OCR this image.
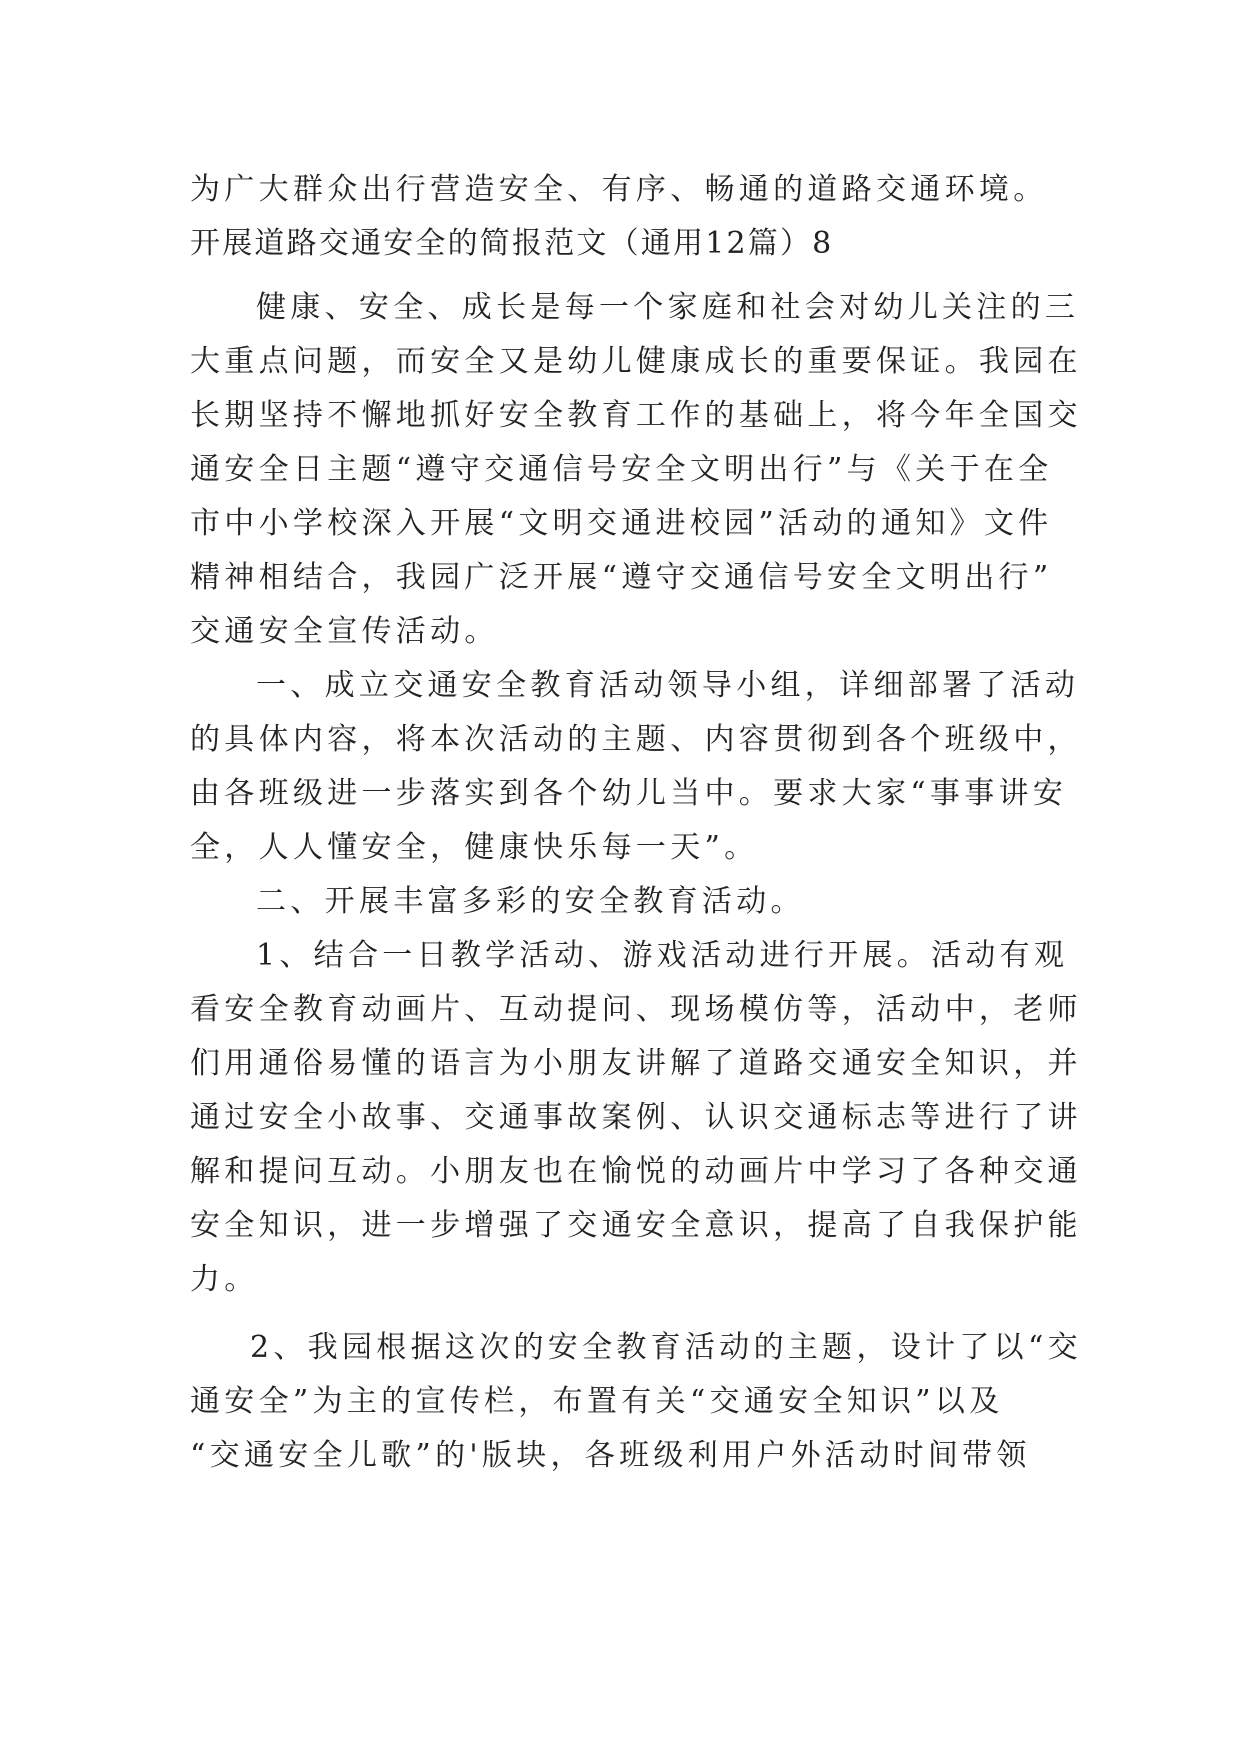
为广大群众出行营造安全、有序、畅通的道路交通环境。
开展道路交通安全的简报范文（通用12篇）8
健康、安全、成长是每一个家庭和社会对幼儿关注的三
大重点问题，而安全又是幼儿健康成长的重要保证。我园在
长期坚持不懈地抓好安全教育工作的基础上，将今年全国交
通安全日主题“遵守交通信号安全文明出行”与《关于在全
市中小学校深入开展“文明交通进校园”活动的通知》文件
精神相结合，我园广泛开展“遵守交通信号安全文明出行”
交通安全宣传活动。
一、成立交通安全教育活动领导小组，详细部署了活动
的具体内容，将本次活动的主题、内容贯彻到各个班级中，
由各班级进一步落实到各个幼儿当中。要求大家“事事讲安
全，人人懂安全，健康快乐每一天”。
二、开展丰富多彩的安全教育活动。
1、结合一日教学活动、游戏活动进行开展。活动有观
看安全教育动画片、互动提问、现场模仿等，活动中，老师
们用通俗易懂的语言为小朋友讲解了道路交通安全知识，并
通过安全小故事、交通事故案例、认识交通标志等进行了讲
解和提问互动。小朋友也在愉悦的动画片中学习了各种交通
安全知识，进一步增强了交通安全意识，提高了自我保护能
力。
2、我园根据这次的安全教育活动的主题，设计了以“交
通安全”为主的宣传栏，布置有关“交通安全知识”以及
“交通安全儿歌”的'版块，各班级利用户外活动时间带领
